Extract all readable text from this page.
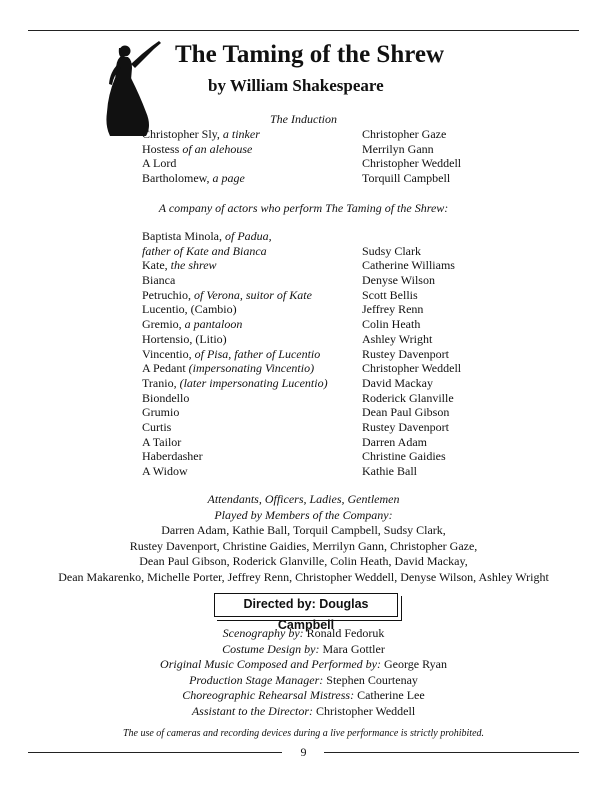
The Taming of the Shrew
by William Shakespeare
The Induction
Christopher Sly, a tinker
Hostess of an alehouse
A Lord
Bartholomew, a page
Christopher Gaze
Merrilyn Gann
Christopher Weddell
Torquill Campbell
A company of actors who perform The Taming of the Shrew:
Baptista Minola, of Padua,
father of Kate and Bianca
Kate, the shrew
Bianca
Petruchio, of Verona, suitor of Kate
Lucentio, (Cambio)
Gremio, a pantaloon
Hortensio, (Litio)
Vincentio, of Pisa, father of Lucentio
A Pedant (impersonating Vincentio)
Tranio, (later impersonating Lucentio)
Biondello
Grumio
Curtis
A Tailor
Haberdasher
A Widow
Sudsy Clark
Catherine Williams
Denyse Wilson
Scott Bellis
Jeffrey Renn
Colin Heath
Ashley Wright
Rustey Davenport
Christopher Weddell
David Mackay
Roderick Glanville
Dean Paul Gibson
Rustey Davenport
Darren Adam
Christine Gaidies
Kathie Ball
Attendants, Officers, Ladies, Gentlemen
Played by Members of the Company:
Darren Adam, Kathie Ball, Torquil Campbell, Sudsy Clark,
Rustey Davenport, Christine Gaidies, Merrilyn Gann, Christopher Gaze,
Dean Paul Gibson, Roderick Glanville, Colin Heath, David Mackay,
Dean Makarenko, Michelle Porter, Jeffrey Renn, Christopher Weddell, Denyse Wilson, Ashley Wright
Directed by: Douglas Campbell
Scenography by: Ronald Fedoruk
Costume Design by: Mara Gottler
Original Music Composed and Performed by: George Ryan
Production Stage Manager: Stephen Courtenay
Choreographic Rehearsal Mistress: Catherine Lee
Assistant to the Director: Christopher Weddell
The use of cameras and recording devices during a live performance is strictly prohibited.
9
